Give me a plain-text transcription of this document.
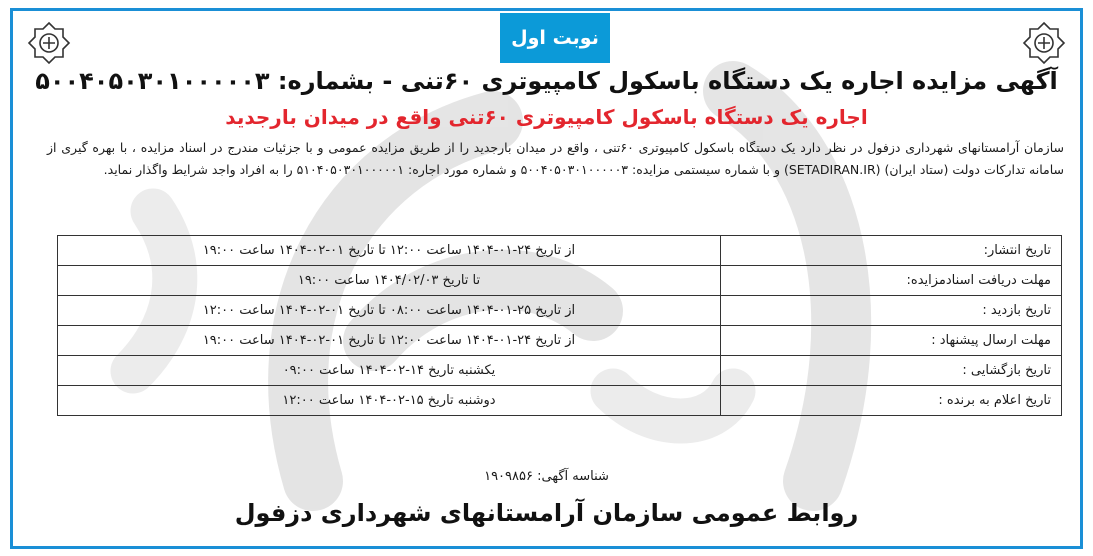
نوبت اول
آگهی مزایده اجاره یک دستگاه باسکول کامپیوتری ۶۰تنی - بشماره: ۵۰۰۴۰۵۰۳۰۱۰۰۰۰۰۳
اجاره یک دستگاه باسکول کامپیوتری ۶۰تنی واقع در میدان بارجدید
سازمان آرامستانهای شهرداری دزفول در نظر دارد یک دستگاه باسکول کامپیوتری ۶۰تنی ، واقع در میدان بارجدید را از طریق مزایده عمومی و با جزئیات مندرج در اسناد مزایده ، با بهره گیری از سامانه تدارکات دولت (ستاد ایران) (SETADIRAN.IR) و با شماره سیستمی مزایده: ۵۰۰۴۰۵۰۳۰۱۰۰۰۰۰۳ و شماره مورد اجاره: ۵۱۰۴۰۵۰۳۰۱۰۰۰۰۰۱ را به افراد واجد شرایط واگذار نماید.
تاریخ انتشار:	از تاریخ ۲۴-۰۱-۱۴۰۴ ساعت ۱۲:۰۰ تا تاریخ ۰۱-۰۲-۱۴۰۴ ساعت ۱۹:۰۰
مهلت دریافت اسنادمزایده:	تا تاریخ ۱۴۰۴/۰۲/۰۳ ساعت ۱۹:۰۰
تاریخ بازدید :	از تاریخ ۲۵-۰۱-۱۴۰۴ ساعت ۰۸:۰۰ تا تاریخ ۰۱-۰۲-۱۴۰۴ ساعت ۱۲:۰۰
مهلت ارسال پیشنهاد :	از تاریخ ۲۴-۰۱-۱۴۰۴ ساعت ۱۲:۰۰ تا تاریخ ۰۱-۰۲-۱۴۰۴ ساعت ۱۹:۰۰
تاریخ بازگشایی :	یکشنبه تاریخ ۱۴-۰۲-۱۴۰۴ ساعت ۰۹:۰۰
تاریخ اعلام به برنده :	دوشنبه تاریخ ۱۵-۰۲-۱۴۰۴ ساعت ۱۲:۰۰
شناسه آگهی: ۱۹۰۹۸۵۶
روابط عمومی سازمان آرامستانهای شهرداری دزفول
